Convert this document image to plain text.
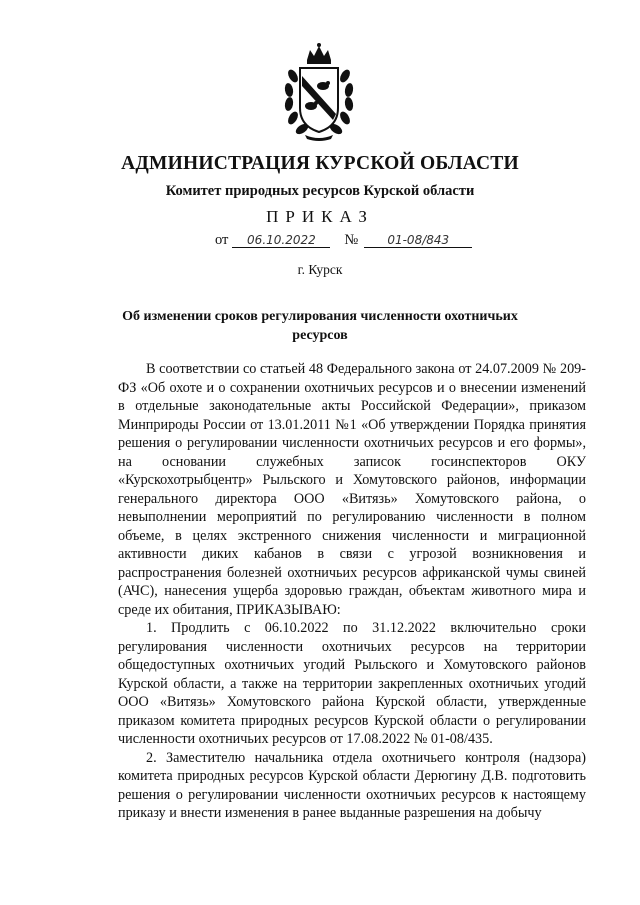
АДМИНИСТРАЦИЯ КУРСКОЙ ОБЛАСТИ
Комитет природных ресурсов Курской области
ПРИКАЗ
от 06.10.2022 № 01-08/843
г. Курск
Об изменении сроков регулирования численности охотничьих ресурсов

В соответствии со статьей 48 Федерального закона от 24.07.2009 № 209-ФЗ «Об охоте и о сохранении охотничьих ресурсов и о внесении изменений в отдельные законодательные акты Российской Федерации», приказом Минприроды России от 13.01.2011 №1 «Об утверждении Порядка принятия решения о регулировании численности охотничьих ресурсов и его формы», на основании служебных записок госинспекторов ОКУ «Курскохотрыбцентр» Рыльского и Хомутовского районов, информации генерального директора ООО «Витязь» Хомутовского района, о невыполнении мероприятий по регулированию численности в полном объеме, в целях экстренного снижения численности и миграционной активности диких кабанов в связи с угрозой возникновения и распространения болезней охотничьих ресурсов африканской чумы свиней (АЧС), нанесения ущерба здоровью граждан, объектам животного мира и среде их обитания, ПРИКАЗЫВАЮ:

1. Продлить с 06.10.2022 по 31.12.2022 включительно сроки регулирования численности охотничьих ресурсов на территории общедоступных охотничьих угодий Рыльского и Хомутовского районов Курской области, а также на территории закрепленных охотничьих угодий ООО «Витязь» Хомутовского района Курской области, утвержденные приказом комитета природных ресурсов Курской области о регулировании численности охотничьих ресурсов от 17.08.2022 № 01-08/435.

2. Заместителю начальника отдела охотничьего контроля (надзора) комитета природных ресурсов Курской области Дерюгину Д.В. подготовить решения о регулировании численности охотничьих ресурсов к настоящему приказу и внести изменения в ранее выданные разрешения на добычу
